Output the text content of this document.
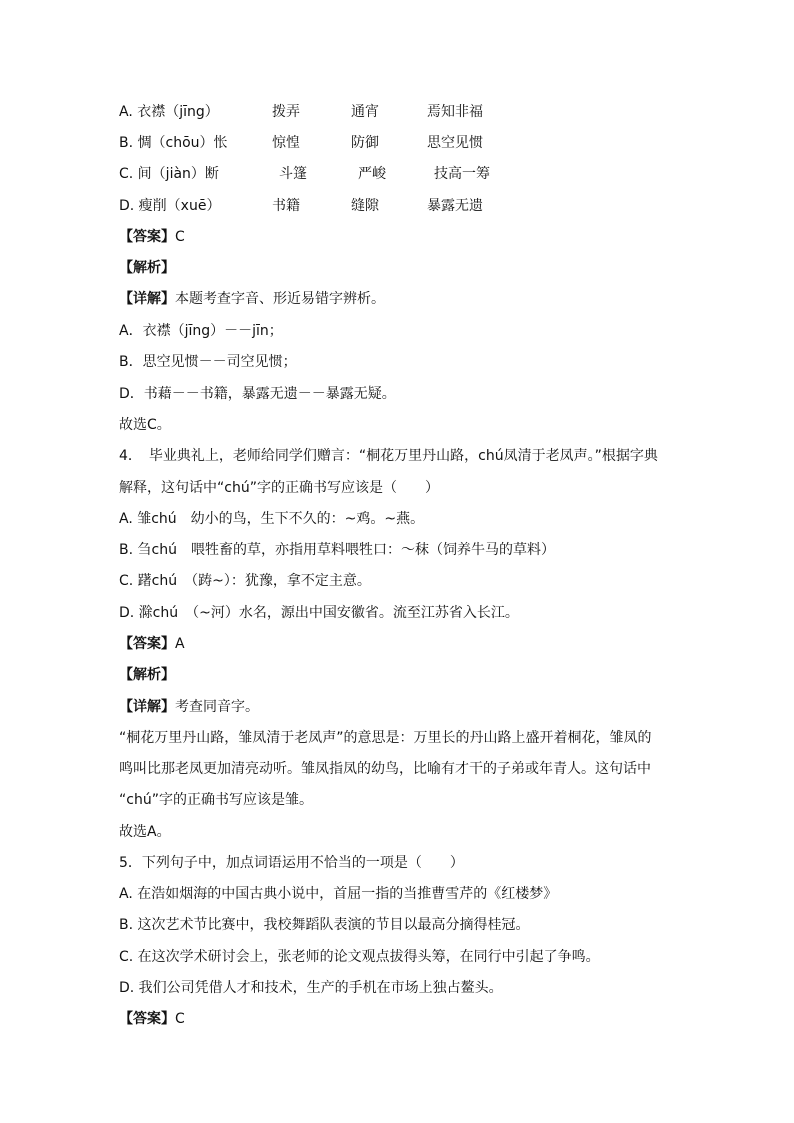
A. 衣襟（jīng）	拨弄	通宵	焉知非福
B. 惆（chōu）怅	惊惶	防御	思空见惯
C. 间（jiàn）断	斗篷	严峻	技高一筹
D. 瘦削（xuē）	书籍	缝隙	暴露无遗
【答案】C
【解析】
【详解】本题考查字音、形近易错字辨析。
A．衣襟（jīng）－－jīn；
B．思空见惯－－司空见惯；
D．书藉－－书籍，暴露无遗－－暴露无疑。
故选C。
4．　毕业典礼上，老师给同学们赠言：“桐花万里丹山路，chú凤清于老凤声。”根据字典
解释，这句话中“chú”字的正确书写应该是（　　）
A. 雏chú　幼小的鸟，生下不久的：~鸡。~燕。
B. 刍chú　喂牲畜的草，亦指用草料喂牲口：～秣（饲养牛马的草料）
C. 躇chú　（踌~）：犹豫，拿不定主意。
D. 滁chú　（~河）水名，源出中国安徽省。流至江苏省入长江。
【答案】A
【解析】
【详解】考查同音字。
“桐花万里丹山路，雏凤清于老凤声”的意思是：万里长的丹山路上盛开着桐花，雏凤的
鸣叫比那老凤更加清亮动听。雏凤指凤的幼鸟，比喻有才干的子弟或年青人。这句话中
“chú”字的正确书写应该是雏。
故选A。
5．下列句子中，加点词语运用不恰当的一项是（　　）
A. 在浩如烟海的中国古典小说中，首屈一指的当推曹雪芹的《红楼梦》
B. 这次艺术节比赛中，我校舞蹈队表演的节目以最高分摘得桂冠。
C. 在这次学术研讨会上，张老师的论文观点拔得头筹，在同行中引起了争鸣。
D. 我们公司凭借人才和技术，生产的手机在市场上独占鳌头。
【答案】C
